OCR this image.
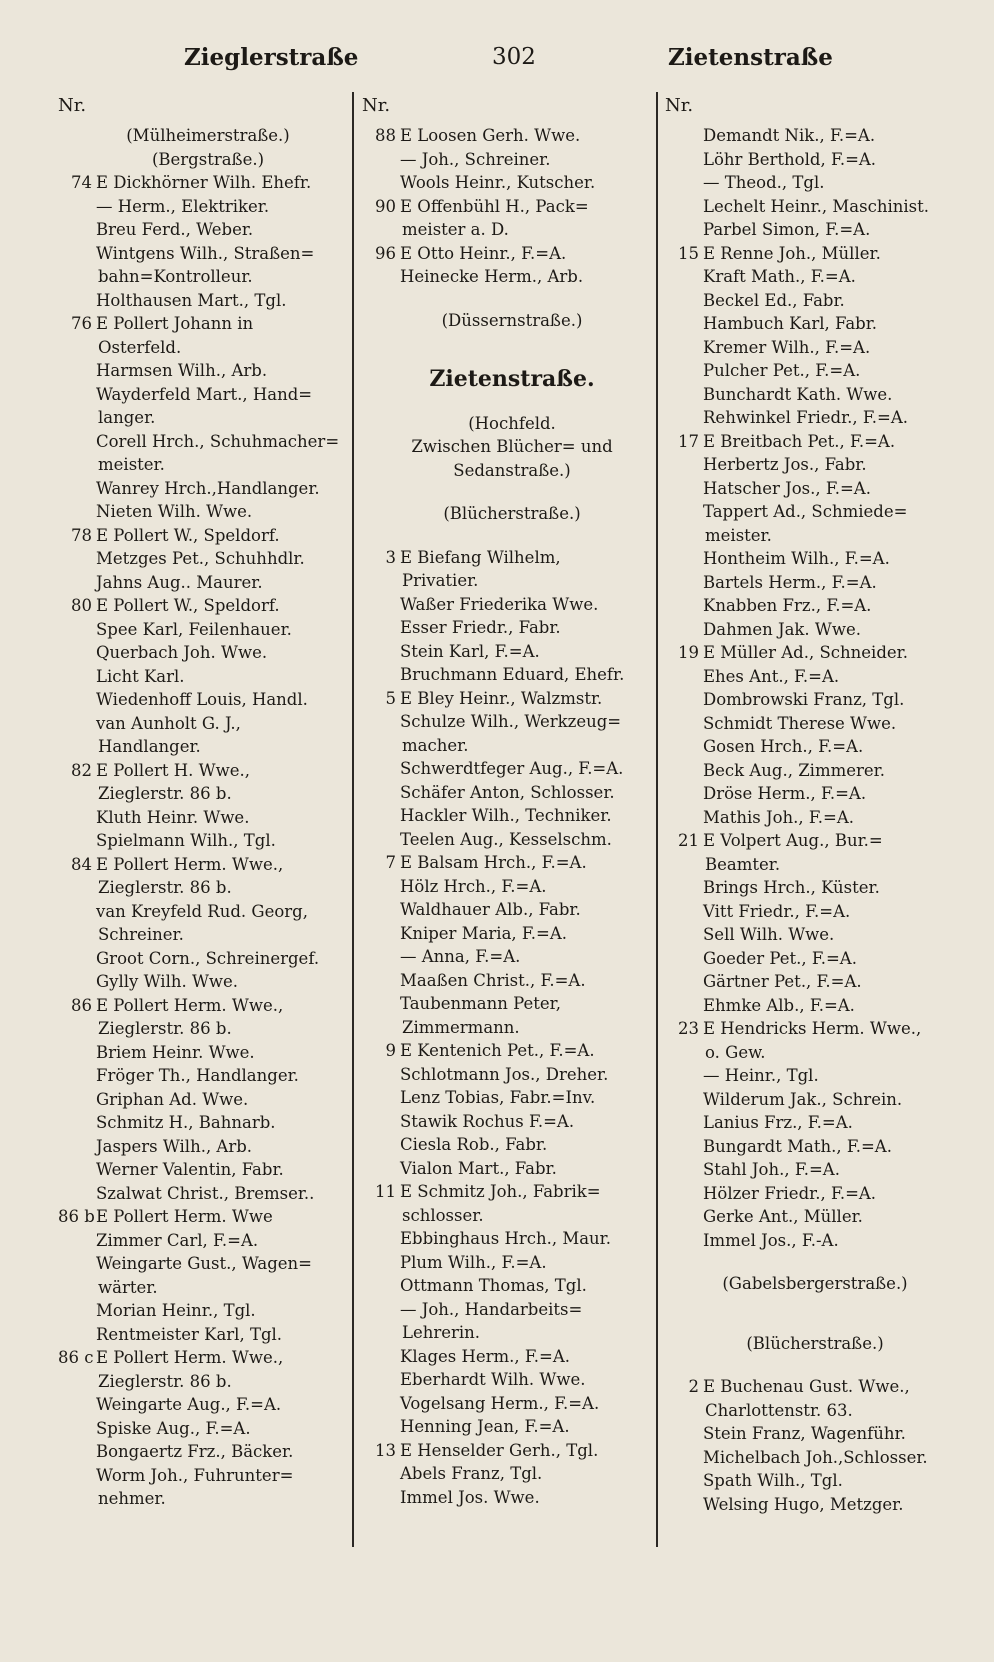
Zieglerstraße	302	Zietenstraße
Nr.
(Mülheimerstraße.)
(Bergstraße.)
74 E Dickhörner Wilh. Ehefr.
— Herm., Elektriker.
Breu Ferd., Weber.
Wintgens Wilh., Straßen=
bahn=Kontrolleur.
Holthausen Mart., Tgl.
76 E Pollert Johann in
Osterfeld.
Harmsen Wilh., Arb.
Wayderfeld Mart., Hand=
langer.
Corell Hrch., Schuhmacher=
meister.
Wanrey Hrch.,Handlanger.
Nieten Wilh. Wwe.
78 E Pollert W., Speldorf.
Metzges Pet., Schuhhdlr.
Jahns Aug.. Maurer.
80 E Pollert W., Speldorf.
Spee Karl, Feilenhauer.
Querbach Joh. Wwe.
Licht Karl.
Wiedenhoff Louis, Handl.
van Aunholt G. J.,
Handlanger.
82 E Pollert H. Wwe.,
Zieglerstr. 86 b.
Kluth Heinr. Wwe.
Spielmann Wilh., Tgl.
84 E Pollert Herm. Wwe.,
Zieglerstr. 86 b.
van Kreyfeld Rud. Georg,
Schreiner.
Groot Corn., Schreinergef.
Gylly Wilh. Wwe.
86 E Pollert Herm. Wwe.,
Zieglerstr. 86 b.
Briem Heinr. Wwe.
Fröger Th., Handlanger.
Griphan Ad. Wwe.
Schmitz H., Bahnarb.
Jaspers Wilh., Arb.
Werner Valentin, Fabr.
Szalwat Christ., Bremser..
86 bE Pollert Herm. Wwe
Zimmer Carl, F.=A.
Weingarte Gust., Wagen=
wärter.
Morian Heinr., Tgl.
Rentmeister Karl, Tgl.
86 c E Pollert Herm. Wwe.,
Zieglerstr. 86 b.
Weingarte Aug., F.=A.
Spiske Aug., F.=A.
Bongaertz Frz., Bäcker.
Worm Joh., Fuhrunter=
nehmer.
Nr.
88 E Loosen Gerh. Wwe.
— Joh., Schreiner.
Wools Heinr., Kutscher.
90 E Offenbühl H., Pack=
meister a. D.
96 E Otto Heinr., F.=A.
Heinecke Herm., Arb.
(Düssernstraße.)
Zietenstraße.
(Hochfeld.
Zwischen Blücher= und
Sedanstraße.)
(Blücherstraße.)
3 E Biefang Wilhelm,
Privatier.
Waßer Friederika Wwe.
Esser Friedr., Fabr.
Stein Karl, F.=A.
Bruchmann Eduard, Ehefr.
5 E Bley Heinr., Walzmstr.
Schulze Wilh., Werkzeug=
macher.
Schwerdtfeger Aug., F.=A.
Schäfer Anton, Schlosser.
Hackler Wilh., Techniker.
Teelen Aug., Kesselschm.
7 E Balsam Hrch., F.=A.
Hölz Hrch., F.=A.
Waldhauer Alb., Fabr.
Kniper Maria, F.=A.
— Anna, F.=A.
Maaßen Christ., F.=A.
Taubenmann Peter,
Zimmermann.
9 E Kentenich Pet., F.=A.
Schlotmann Jos., Dreher.
Lenz Tobias, Fabr.=Inv.
Stawik Rochus F.=A.
Ciesla Rob., Fabr.
Vialon Mart., Fabr.
11 E Schmitz Joh., Fabrik=
schlosser.
Ebbinghaus Hrch., Maur.
Plum Wilh., F.=A.
Ottmann Thomas, Tgl.
— Joh., Handarbeits=
Lehrerin.
Klages Herm., F.=A.
Eberhardt Wilh. Wwe.
Vogelsang Herm., F.=A.
Henning Jean, F.=A.
13 E Henselder Gerh., Tgl.
Abels Franz, Tgl.
Immel Jos. Wwe.
Nr.
Demandt Nik., F.=A.
Löhr Berthold, F.=A.
— Theod., Tgl.
Lechelt Heinr., Maschinist.
Parbel Simon, F.=A.
15 E Renne Joh., Müller.
Kraft Math., F.=A.
Beckel Ed., Fabr.
Hambuch Karl, Fabr.
Kremer Wilh., F.=A.
Pulcher Pet., F.=A.
Bunchardt Kath. Wwe.
Rehwinkel Friedr., F.=A.
17 E Breitbach Pet., F.=A.
Herbertz Jos., Fabr.
Hatscher Jos., F.=A.
Tappert Ad., Schmiede=
meister.
Hontheim Wilh., F.=A.
Bartels Herm., F.=A.
Knabben Frz., F.=A.
Dahmen Jak. Wwe.
19 E Müller Ad., Schneider.
Ehes Ant., F.=A.
Dombrowski Franz, Tgl.
Schmidt Therese Wwe.
Gosen Hrch., F.=A.
Beck Aug., Zimmerer.
Dröse Herm., F.=A.
Mathis Joh., F.=A.
21 E Volpert Aug., Bur.=
Beamter.
Brings Hrch., Küster.
Vitt Friedr., F.=A.
Sell Wilh. Wwe.
Goeder Pet., F.=A.
Gärtner Pet., F.=A.
Ehmke Alb., F.=A.
23 E Hendricks Herm. Wwe.,
o. Gew.
— Heinr., Tgl.
Wilderum Jak., Schrein.
Lanius Frz., F.=A.
Bungardt Math., F.=A.
Stahl Joh., F.=A.
Hölzer Friedr., F.=A.
Gerke Ant., Müller.
Immel Jos., F.-A.
(Gabelsbergerstraße.)
(Blücherstraße.)
2 E Buchenau Gust. Wwe.,
Charlottenstr. 63.
Stein Franz, Wagenführ.
Michelbach Joh.,Schlosser.
Spath Wilh., Tgl.
Welsing Hugo, Metzger.
